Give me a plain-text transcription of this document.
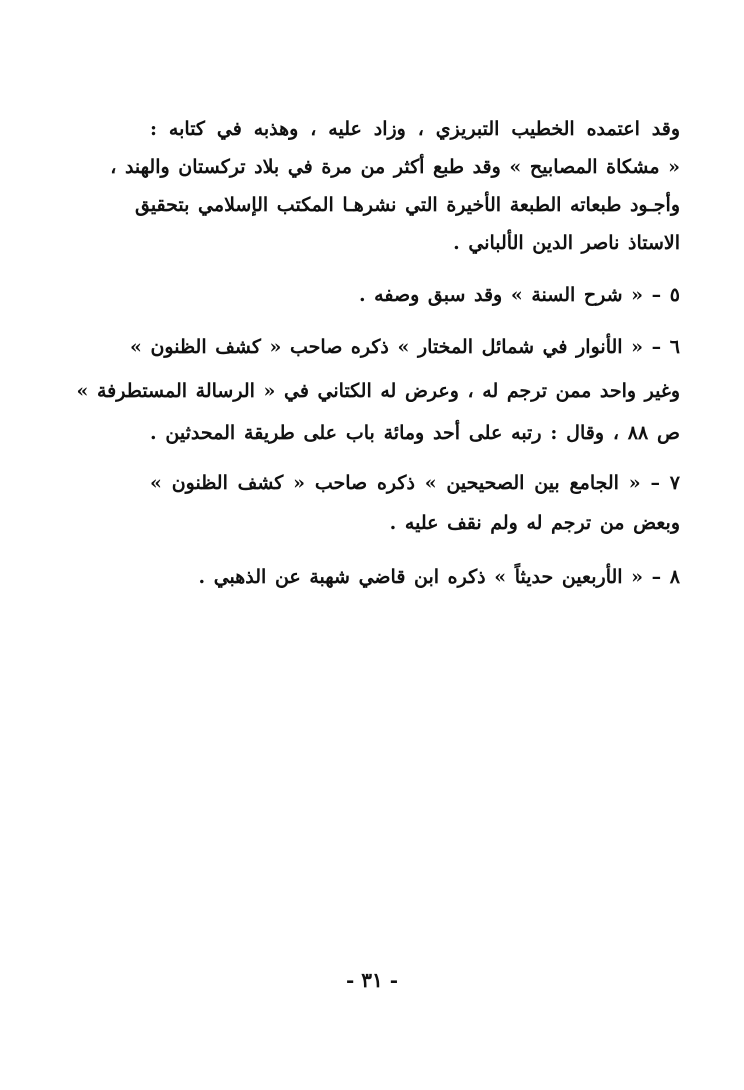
وقد اعتمده الخطيب التبريزي ، وزاد عليه ، وهذبه في كتابه :
« مشكاة المصابيح » وقد طبع أكثر من مرة في بلاد تركستان والهند ،
وأجـود طبعاته الطبعة الأخيرة التي نشرهـا المكتب الإسلامي بتحقيق
الاستاذ ناصر الدين الألباني .
٥ – « شرح السنة » وقد سبق وصفه .
٦ – « الأنوار في شمائل المختار » ذكره صاحب « كشف الظنون »
وغير واحد ممن ترجم له ، وعرض له الكتاني في « الرسالة المستطرفة »
ص ٨٨ ، وقال : رتبه على أحد ومائة باب على طريقة المحدثين .
٧ – « الجامع بين الصحيحين » ذكره صاحب « كشف الظنون »
وبعض من ترجم له ولم نقف عليه .
٨ – « الأربعين حديثاً » ذكره ابن قاضي شهبة عن الذهبي .
- ٣١ -
